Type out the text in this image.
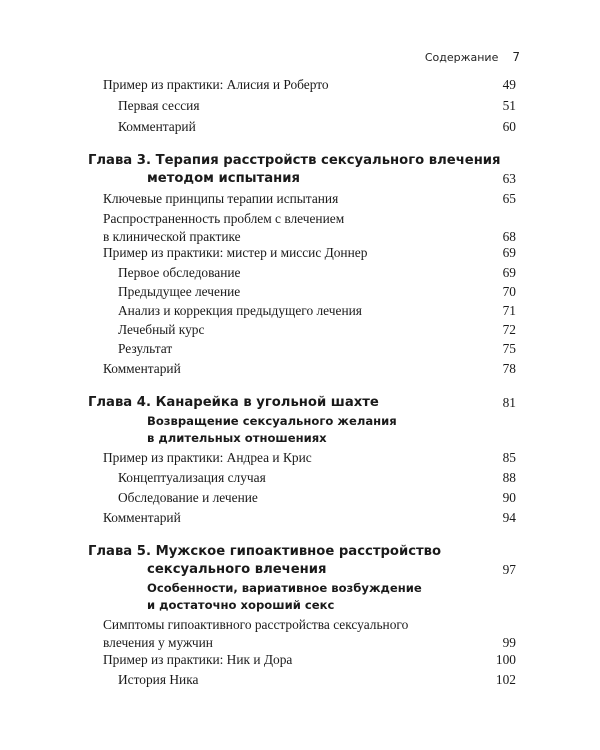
Содержание 7
Пример из практики: Алисия и Роберто	49
Первая сессия	51
Комментарий	60
Глава 3. Терапия расстройств сексуального влечения
методом испытания	63
Ключевые принципы терапии испытания	65
Распространенность проблем с влечением
в клинической практике	68
Пример из практики: мистер и миссис Доннер	69
Первое обследование	69
Предыдущее лечение	70
Анализ и коррекция предыдущего лечения	71
Лечебный курс	72
Результат	75
Комментарий	78
Глава 4. Канарейка в угольной шахте	81
Возвращение сексуального желания
в длительных отношениях
Пример из практики: Андреа и Крис	85
Концептуализация случая	88
Обследование и лечение	90
Комментарий	94
Глава 5. Мужское гипоактивное расстройство
сексуального влечения	97
Особенности, вариативное возбуждение
и достаточно хороший секс
Симптомы гипоактивного расстройства сексуального
влечения у мужчин	99
Пример из практики: Ник и Дора	100
История Ника	102
